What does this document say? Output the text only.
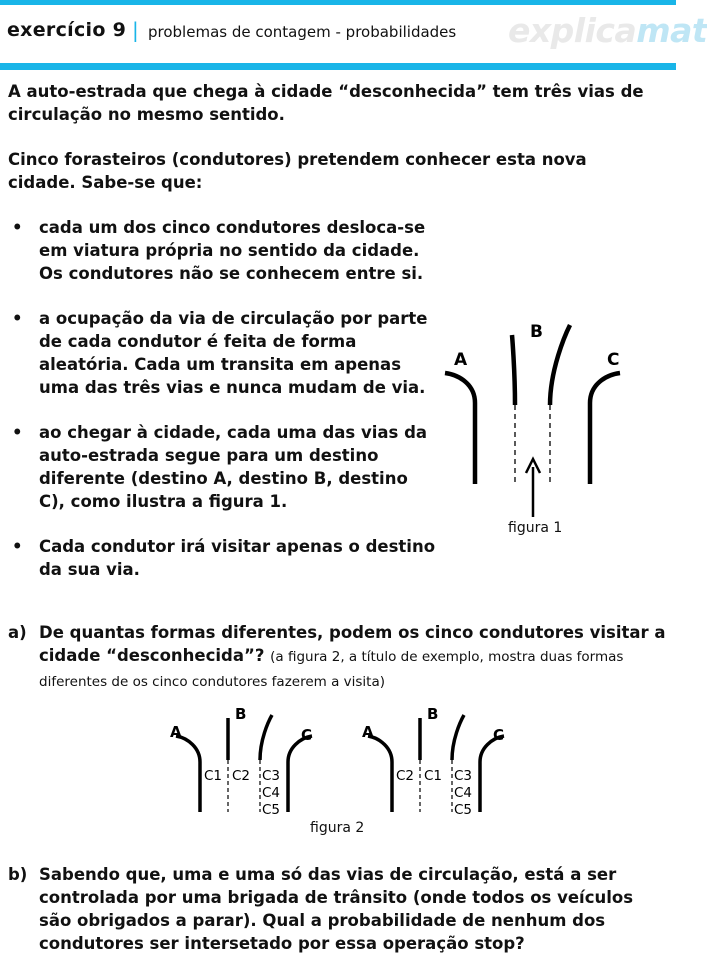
exercício 9 | problemas de contagem - probabilidades explicamat
A auto-estrada que chega à cidade “desconhecida” tem três vias de circulação no mesmo sentido.
Cinco forasteiros (condutores) pretendem conhecer esta nova cidade. Sabe-se que:
• cada um dos cinco condutores desloca-se em viatura própria no sentido da cidade. Os condutores não se conhecem entre si.
• a ocupação da via de circulação por parte de cada condutor é feita de forma aleatória. Cada um transita em apenas uma das três vias e nunca mudam de via.
• ao chegar à cidade, cada uma das vias da auto-estrada segue para um destino diferente (destino A, destino B, destino C), como ilustra a figura 1.
• Cada condutor irá visitar apenas o destino da sua via.
A
B
C
figura 1
a) De quantas formas diferentes, podem os cinco condutores visitar a cidade “desconhecida”? (a figura 2, a título de exemplo, mostra duas formas diferentes de os cinco condutores fazerem a visita)
A
B
C
C1 C2 C3
C4
C5
A
B
C
C2 C1 C3
C4
C5
figura 2
b) Sabendo que, uma e uma só das vias de circulação, está a ser controlada por uma brigada de trânsito (onde todos os veículos são obrigados a parar). Qual a probabilidade de nenhum dos condutores ser intersetado por essa operação stop?
